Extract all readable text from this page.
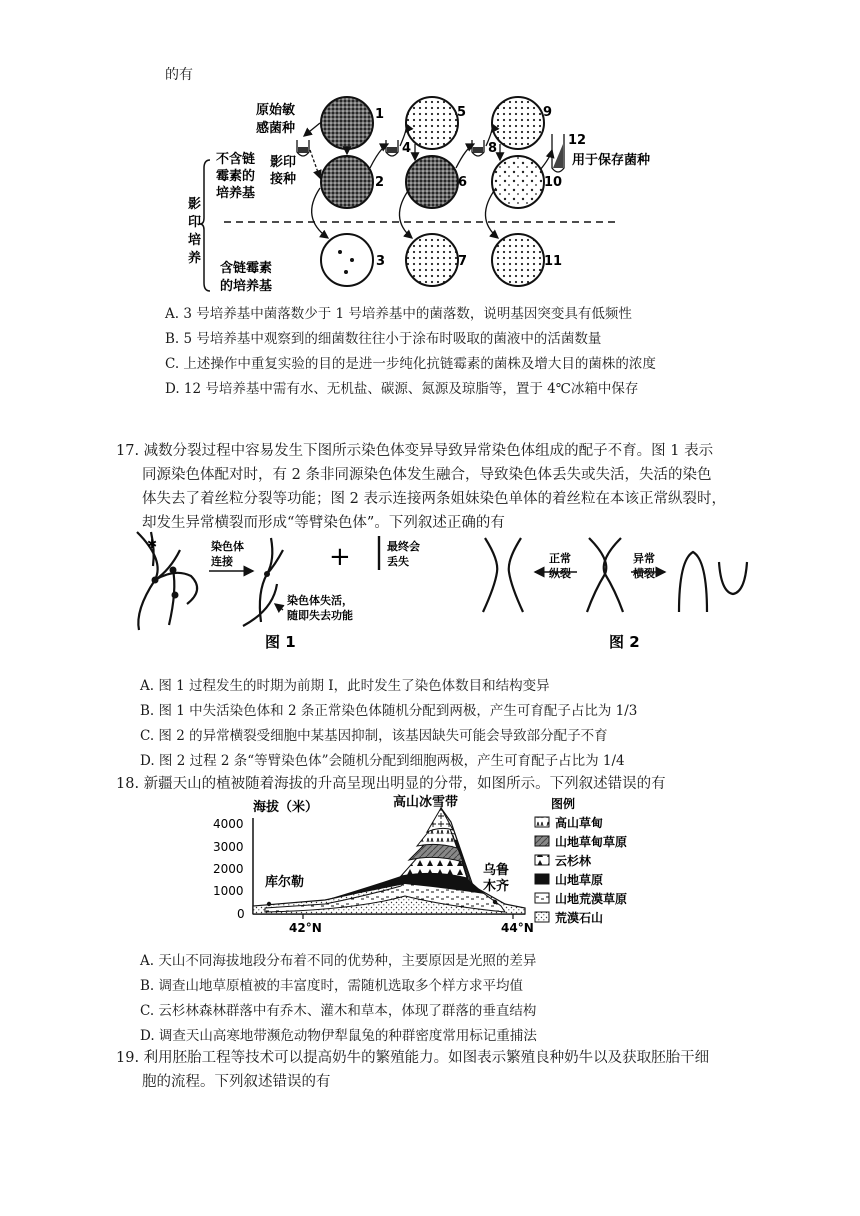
的有
原始敏
感菌种
不含链
霉素的
培养基
影印
接种
影
印
培
养
含链霉素
的培养基
1
2
3
4
5
6
7
8
9
10
11
12
用于保存菌种
A. 3 号培养基中菌落数少于 1 号培养基中的菌落数，说明基因突变具有低频性
B. 5 号培养基中观察到的细菌数往往小于涂布时吸取的菌液中的活菌数量
C. 上述操作中重复实验的目的是进一步纯化抗链霉素的菌株及增大目的菌株的浓度
D. 12 号培养基中需有水、无机盐、碳源、氮源及琼脂等，置于 4℃冰箱中保存
17. 减数分裂过程中容易发生下图所示染色体变异导致异常染色体组成的配子不育。图 1 表示
同源染色体配对时，有 2 条非同源染色体发生融合，导致染色体丢失或失活，失活的染色
体失去了着丝粒分裂等功能；图 2 表示连接两条姐妹染色单体的着丝粒在本该正常纵裂时，
却发生异常横裂而形成“等臂染色体”。下列叙述正确的有
✱	染色体
连接
染色体失活，
随即失去功能
+	最终会
丢失
图 1
正常
纵裂
异常
横裂
图 2
A. 图 1 过程发生的时期为前期 I，此时发生了染色体数目和结构变异
B. 图 1 中失活染色体和 2 条正常染色体随机分配到两极，产生可育配子占比为 1/3
C. 图 2 的异常横裂受细胞中某基因抑制，该基因缺失可能会导致部分配子不育
D. 图 2 过程 2 条“等臂染色体”会随机分配到细胞两极，产生可育配子占比为 1/4
18. 新疆天山的植被随着海拔的升高呈现出明显的分带，如图所示。下列叙述错误的有
海拔（米）
4000
3000
2000
1000
0
高山冰雪带
库尔勒
乌鲁
木齐
42°N	44°N
图例
高山草甸
山地草甸草原
云杉林
山地草原
山地荒漠草原
荒漠石山
A. 天山不同海拔地段分布着不同的优势种，主要原因是光照的差异
B. 调查山地草原植被的丰富度时，需随机选取多个样方求平均值
C. 云杉林森林群落中有乔木、灌木和草本，体现了群落的垂直结构
D. 调查天山高寒地带濒危动物伊犁鼠兔的种群密度常用标记重捕法
19. 利用胚胎工程等技术可以提高奶牛的繁殖能力。如图表示繁殖良种奶牛以及获取胚胎干细
胞的流程。下列叙述错误的有
